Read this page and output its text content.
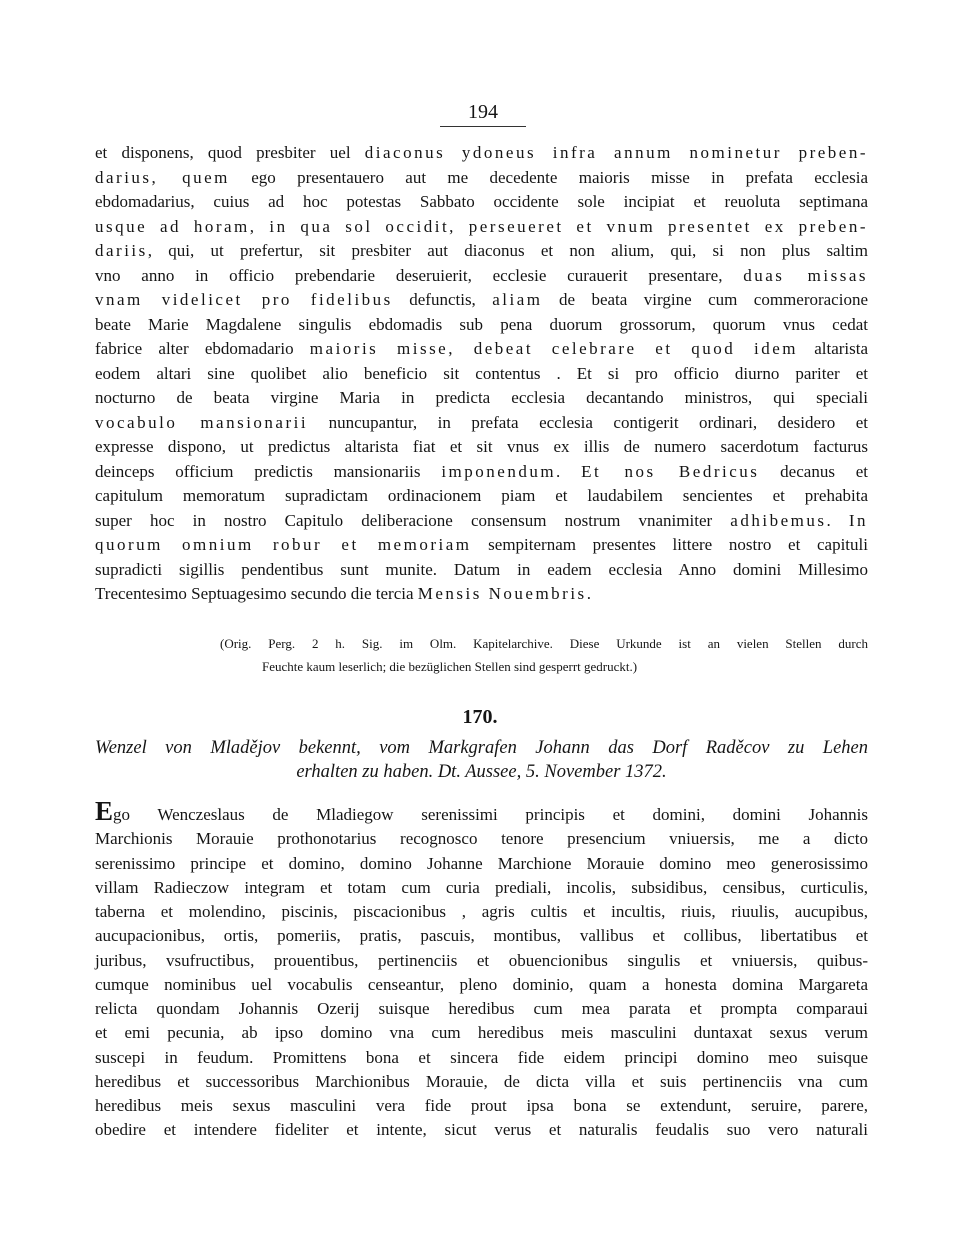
194
et disponens, quod presbiter uel diaconus ydoneus infra annum nominetur preben-
darius, quem ego presentauero aut me decedente maioris misse in prefata ecclesia
ebdomadarius, cuius ad hoc potestas Sabbato occidente sole incipiat et reuoluta septimana
usque ad horam, in qua sol occidit, perseueret et vnum presentet ex preben-
dariis, qui, ut prefertur, sit presbiter aut diaconus et non alium, qui, si non plus saltim
vno anno in officio prebendarie deseruierit, ecclesie curauerit presentare, duas missas
vnam videlicet pro fidelibus defunctis, aliam de beata virgine cum commeroracione
beate Marie Magdalene singulis ebdomadis sub pena duorum grossorum, quorum vnus cedat
fabrice alter ebdomadario maioris misse, debeat celebrare et quod idem altarista
eodem altari sine quolibet alio beneficio sit contentus . Et si pro officio diurno pariter et
nocturno de beata virgine Maria in predicta ecclesia decantando ministros, qui speciali
vocabulo mansionarii nuncupantur, in prefata ecclesia contigerit ordinari, desidero et
expresse dispono, ut predictus altarista fiat et sit vnus ex illis de numero sacerdotum facturus
deinceps officium predictis mansionariis imponendum. Et nos Bedricus decanus et
capitulum memoratum supradictam ordinacionem piam et laudabilem sencientes et prehabita
super hoc in nostro Capitulo deliberacione consensum nostrum vnanimiter adhibemus. In
quorum omnium robur et memoriam sempiternam presentes littere nostro et capituli
supradicti sigillis pendentibus sunt munite. Datum in eadem ecclesia Anno domini Millesimo
Trecentesimo Septuagesimo secundo die tercia Mensis Nouembris.
(Orig. Perg. 2 h. Sig. im Olm. Kapitelarchive. Diese Urkunde ist an vielen Stellen durch
Feuchte kaum leserlich; die bezüglichen Stellen sind gesperrt gedruckt.)
170.
Wenzel von Mladějov bekennt, vom Markgrafen Johann das Dorf Raděcov zu Lehen
erhalten zu haben. Dt. Aussee, 5. November 1372.
Ego Wenczeslaus de Mladiegow serenissimi principis et domini, domini Johannis
Marchionis Morauie prothonotarius recognosco tenore presencium vniuersis, me a dicto
serenissimo principe et domino, domino Johanne Marchione Morauie domino meo generosissimo
villam Radieczow integram et totam cum curia prediali, incolis, subsidibus, censibus, curticulis,
taberna et molendino, piscinis, piscacionibus , agris cultis et incultis, riuis, riuulis, aucupibus,
aucupacionibus, ortis, pomeriis, pratis, pascuis, montibus, vallibus et collibus, libertatibus et
juribus, vsufructibus, prouentibus, pertinenciis et obuencionibus singulis et vniuersis, quibus-
cumque nominibus uel vocabulis censeantur, pleno dominio, quam a honesta domina Margareta
relicta quondam Johannis Ozerij suisque heredibus cum mea parata et prompta comparaui
et emi pecunia, ab ipso domino vna cum heredibus meis masculini duntaxat sexus verum
suscepi in feudum. Promittens bona et sincera fide eidem principi domino meo suisque
heredibus et successoribus Marchionibus Morauie, de dicta villa et suis pertinenciis vna cum
heredibus meis sexus masculini vera fide prout ipsa bona se extendunt, seruire, parere,
obedire et intendere fideliter et intente, sicut verus et naturalis feudalis suo vero naturali
